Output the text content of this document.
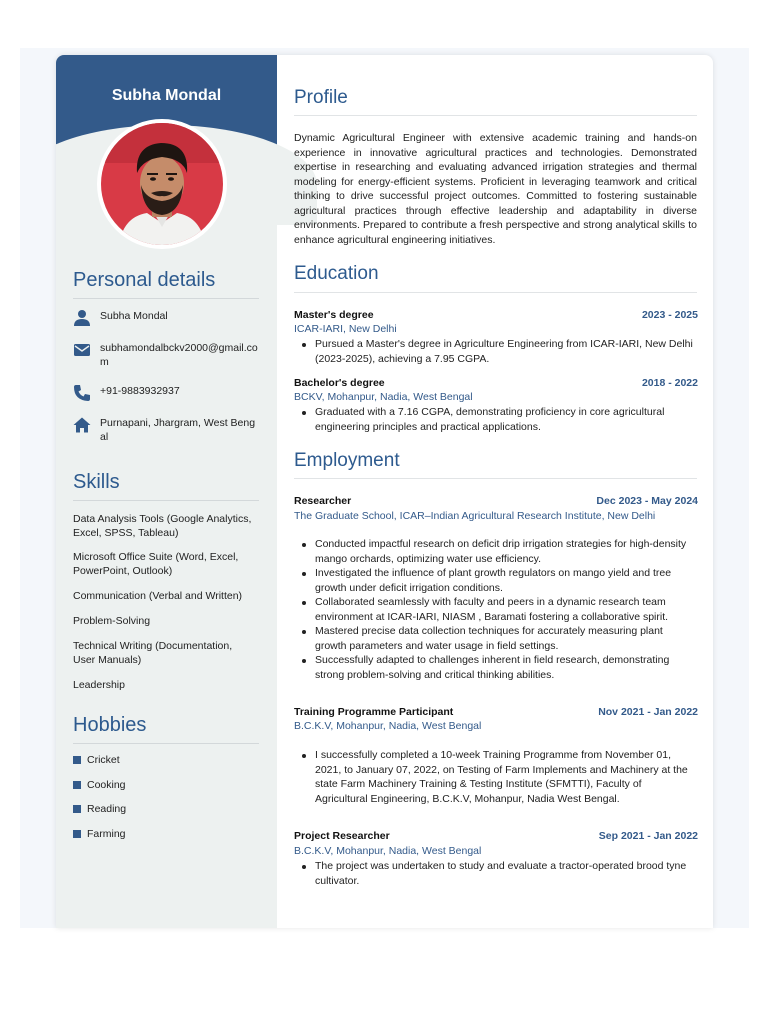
Subha Mondal
Personal details
Subha Mondal
subhamondalbckv2000@gmail.com
+91-9883932937
Purnapani, Jhargram, West Bengal
Skills
Data Analysis Tools (Google Analytics, Excel, SPSS, Tableau)
Microsoft Office Suite (Word, Excel, PowerPoint, Outlook)
Communication (Verbal and Written)
Problem-Solving
Technical Writing (Documentation, User Manuals)
Leadership
Hobbies
Cricket
Cooking
Reading
Farming
Profile
Dynamic Agricultural Engineer with extensive academic training and hands-on experience in innovative agricultural practices and technologies. Demonstrated expertise in researching and evaluating advanced irrigation strategies and thermal modeling for energy-efficient systems. Proficient in leveraging teamwork and critical thinking to drive successful project outcomes. Committed to fostering sustainable agricultural practices through effective leadership and adaptability in diverse environments. Prepared to contribute a fresh perspective and strong analytical skills to enhance agricultural engineering initiatives.
Education
Master's degree	2023 - 2025
ICAR-IARI, New Delhi
Pursued a Master's degree in Agriculture Engineering from ICAR-IARI, New Delhi (2023-2025), achieving a 7.95 CGPA.
Bachelor's degree	2018 - 2022
BCKV, Mohanpur, Nadia, West Bengal
Graduated with a 7.16 CGPA, demonstrating proficiency in core agricultural engineering principles and practical applications.
Employment
Researcher	Dec 2023 - May 2024
The Graduate School, ICAR–Indian Agricultural Research Institute, New Delhi
Conducted impactful research on deficit drip irrigation strategies for high-density mango orchards, optimizing water use efficiency.
Investigated the influence of plant growth regulators on mango yield and tree growth under deficit irrigation conditions.
Collaborated seamlessly with faculty and peers in a dynamic research team environment at ICAR-IARI, NIASM , Baramati fostering a collaborative spirit.
Mastered precise data collection techniques for accurately measuring plant growth parameters and water usage in field settings.
Successfully adapted to challenges inherent in field research, demonstrating strong problem-solving and critical thinking abilities.
Training Programme Participant	Nov 2021 - Jan 2022
B.C.K.V, Mohanpur, Nadia, West Bengal
I successfully completed a 10-week Training Programme from November 01, 2021, to January 07, 2022, on Testing of Farm Implements and Machinery at the state Farm Machinery Training & Testing Institute (SFMTTI), Faculty of Agricultural Engineering, B.C.K.V, Mohanpur, Nadia West Bengal.
Project Researcher	Sep 2021 - Jan 2022
B.C.K.V, Mohanpur, Nadia, West Bengal
The project was undertaken to study and evaluate a tractor-operated brood tyne cultivator.
